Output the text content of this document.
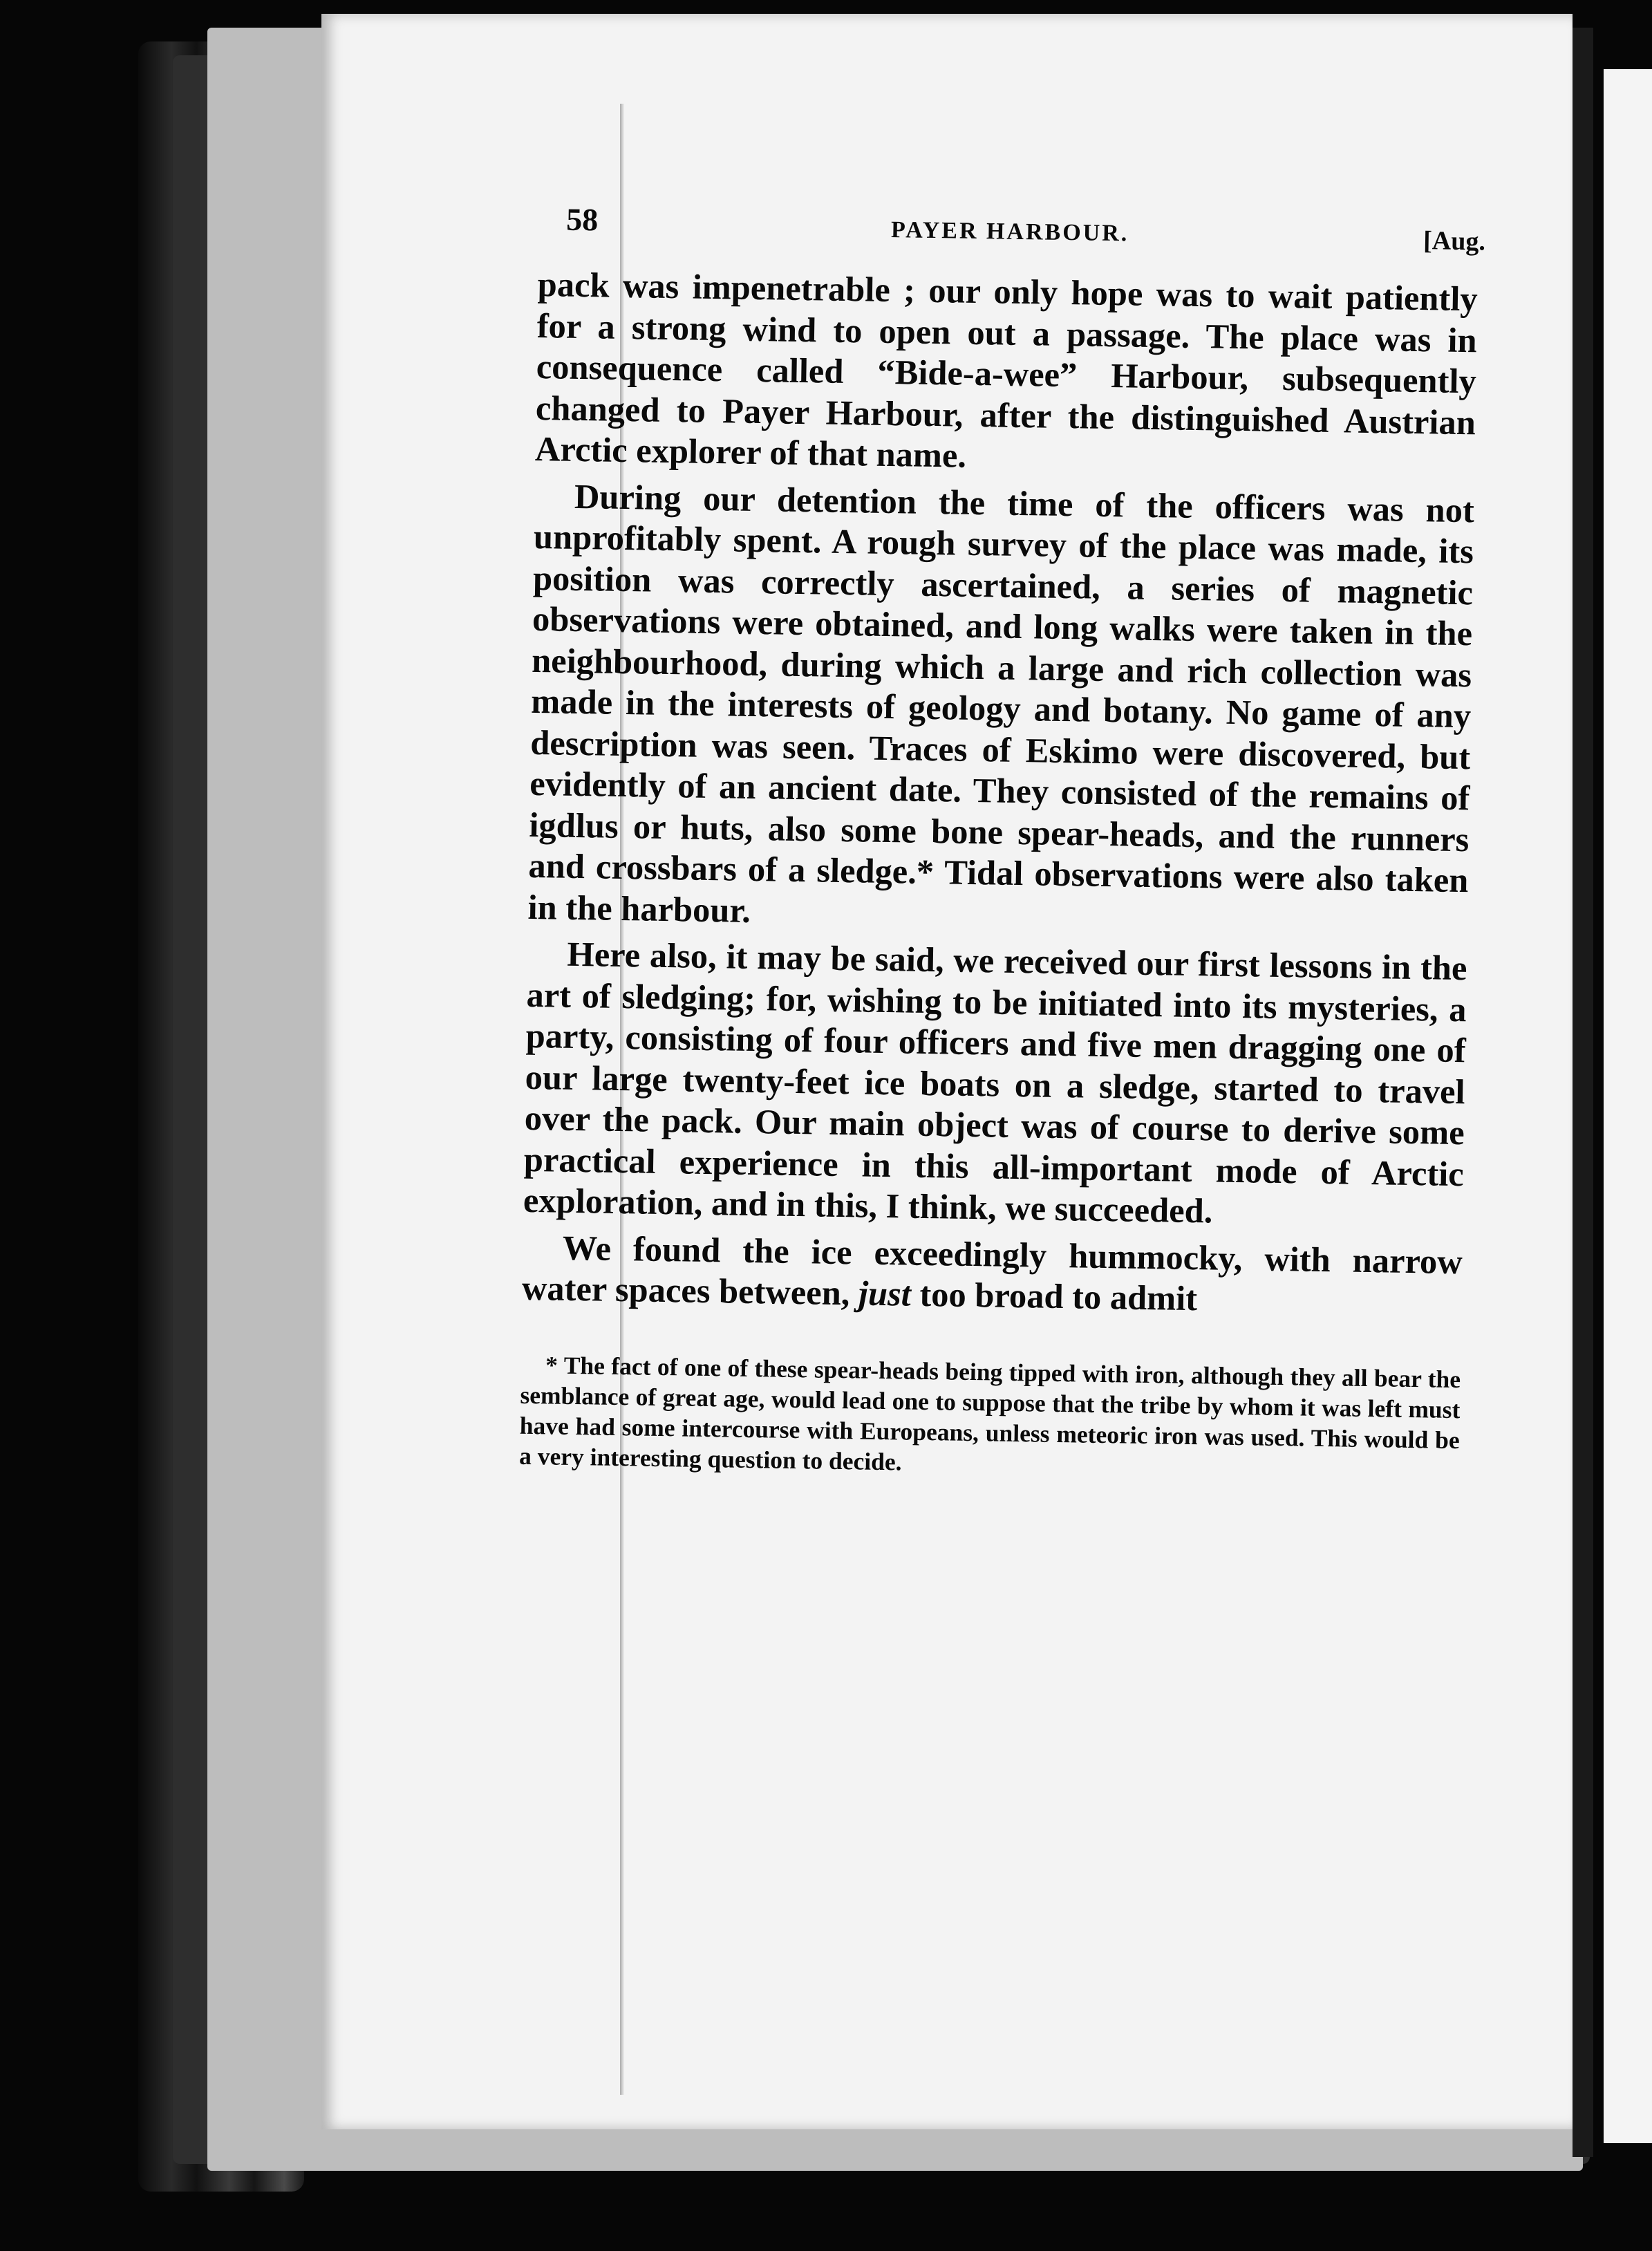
58	PAYER HARBOUR.	[Aug.

pack was impenetrable ; our only hope was to wait patiently for a strong wind to open out a passage. The place was in consequence called “Bide-a-wee” Harbour, subsequently changed to Payer Harbour, after the distinguished Austrian Arctic explorer of that name.

During our detention the time of the officers was not unprofitably spent. A rough survey of the place was made, its position was correctly ascertained, a series of magnetic observations were obtained, and long walks were taken in the neighbourhood, during which a large and rich collection was made in the interests of geology and botany. No game of any description was seen. Traces of Eskimo were discovered, but evidently of an ancient date. They consisted of the remains of igdlus or huts, also some bone spear-heads, and the runners and crossbars of a sledge.* Tidal observations were also taken in the harbour.

Here also, it may be said, we received our first lessons in the art of sledging; for, wishing to be initiated into its mysteries, a party, consisting of four officers and five men dragging one of our large twenty-feet ice boats on a sledge, started to travel over the pack. Our main object was of course to derive some practical experience in this all-important mode of Arctic exploration, and in this, I think, we succeeded.

We found the ice exceedingly hummocky, with narrow water spaces between, just too broad to admit

* The fact of one of these spear-heads being tipped with iron, although they all bear the semblance of great age, would lead one to suppose that the tribe by whom it was left must have had some intercourse with Europeans, unless meteoric iron was used. This would be a very interesting question to decide.
